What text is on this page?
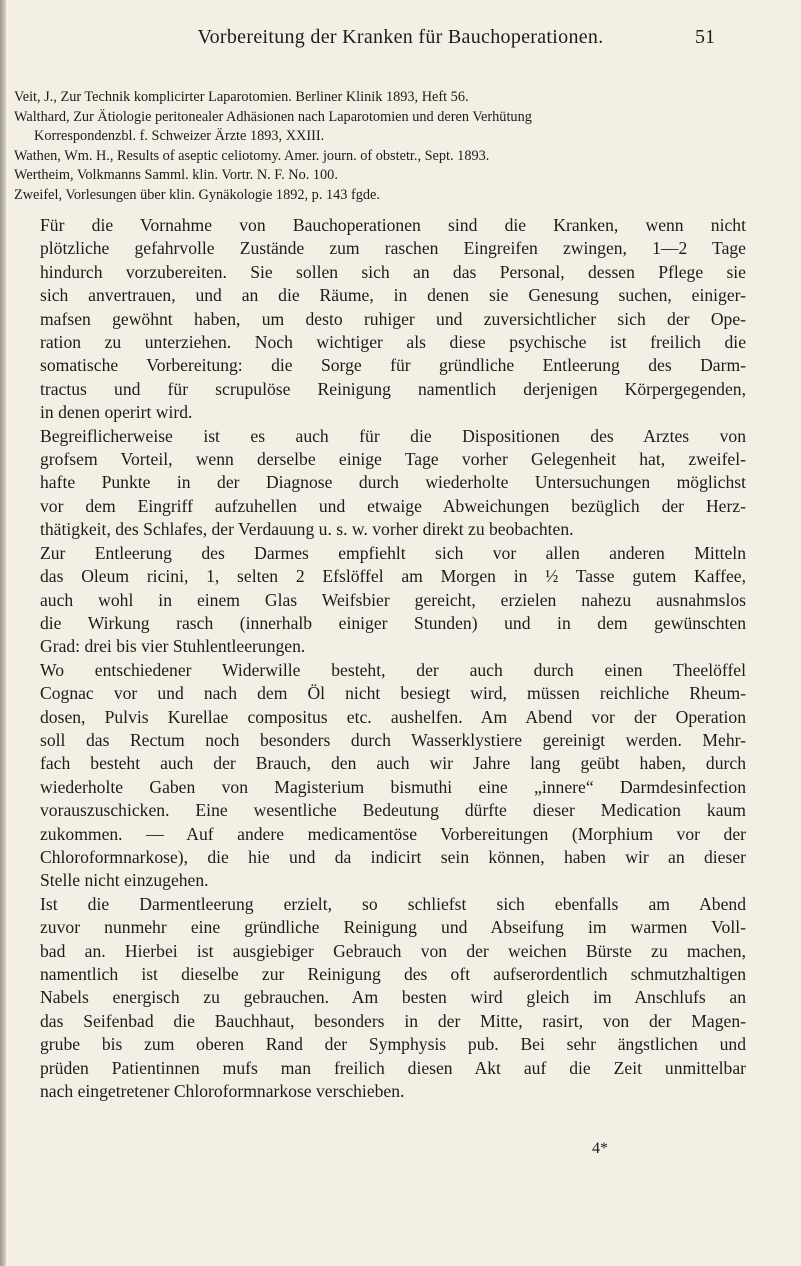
Vorbereitung der Kranken für Bauchoperationen.	51
Veit, J., Zur Technik komplicirter Laparotomien. Berliner Klinik 1893, Heft 56.
Walthard, Zur Ätiologie peritonealer Adhäsionen nach Laparotomien und deren Verhütung
Korrespondenzbl. f. Schweizer Ärzte 1893, XXIII.
Wathen, Wm. H., Results of aseptic celiotomy. Amer. journ. of obstetr., Sept. 1893.
Wertheim, Volkmanns Samml. klin. Vortr. N. F. No. 100.
Zweifel, Vorlesungen über klin. Gynäkologie 1892, p. 143 fgde.

Für die Vornahme von Bauchoperationen sind die Kranken, wenn nicht
plötzliche gefahrvolle Zustände zum raschen Eingreifen zwingen, 1—2 Tage
hindurch vorzubereiten. Sie sollen sich an das Personal, dessen Pflege sie
sich anvertrauen, und an die Räume, in denen sie Genesung suchen, einiger-
mafsen gewöhnt haben, um desto ruhiger und zuversichtlicher sich der Ope-
ration zu unterziehen. Noch wichtiger als diese psychische ist freilich die
somatische Vorbereitung: die Sorge für gründliche Entleerung des Darm-
tractus und für scrupulöse Reinigung namentlich derjenigen Körpergegenden,
in denen operirt wird.

Begreiflicherweise ist es auch für die Dispositionen des Arztes von
grofsem Vorteil, wenn derselbe einige Tage vorher Gelegenheit hat, zweifel-
hafte Punkte in der Diagnose durch wiederholte Untersuchungen möglichst
vor dem Eingriff aufzuhellen und etwaige Abweichungen bezüglich der Herz-
thätigkeit, des Schlafes, der Verdauung u. s. w. vorher direkt zu beobachten.

Zur Entleerung des Darmes empfiehlt sich vor allen anderen Mitteln
das Oleum ricini, 1, selten 2 Efslöffel am Morgen in ½ Tasse gutem Kaffee,
auch wohl in einem Glas Weifsbier gereicht, erzielen nahezu ausnahmslos
die Wirkung rasch (innerhalb einiger Stunden) und in dem gewünschten
Grad: drei bis vier Stuhlentleerungen.

Wo entschiedener Widerwille besteht, der auch durch einen Theelöffel
Cognac vor und nach dem Öl nicht besiegt wird, müssen reichliche Rheum-
dosen, Pulvis Kurellae compositus etc. aushelfen. Am Abend vor der Operation
soll das Rectum noch besonders durch Wasserklystiere gereinigt werden. Mehr-
fach besteht auch der Brauch, den auch wir Jahre lang geübt haben, durch
wiederholte Gaben von Magisterium bismuthi eine „innere“ Darmdesinfection
vorauszuschicken. Eine wesentliche Bedeutung dürfte dieser Medication kaum
zukommen. — Auf andere medicamentöse Vorbereitungen (Morphium vor der
Chloroformnarkose), die hie und da indicirt sein können, haben wir an dieser
Stelle nicht einzugehen.

Ist die Darmentleerung erzielt, so schliefst sich ebenfalls am Abend
zuvor nunmehr eine gründliche Reinigung und Abseifung im warmen Voll-
bad an. Hierbei ist ausgiebiger Gebrauch von der weichen Bürste zu machen,
namentlich ist dieselbe zur Reinigung des oft aufserordentlich schmutzhaltigen
Nabels energisch zu gebrauchen. Am besten wird gleich im Anschlufs an
das Seifenbad die Bauchhaut, besonders in der Mitte, rasirt, von der Magen-
grube bis zum oberen Rand der Symphysis pub. Bei sehr ängstlichen und
prüden Patientinnen mufs man freilich diesen Akt auf die Zeit unmittelbar
nach eingetretener Chloroformnarkose verschieben.

4*
